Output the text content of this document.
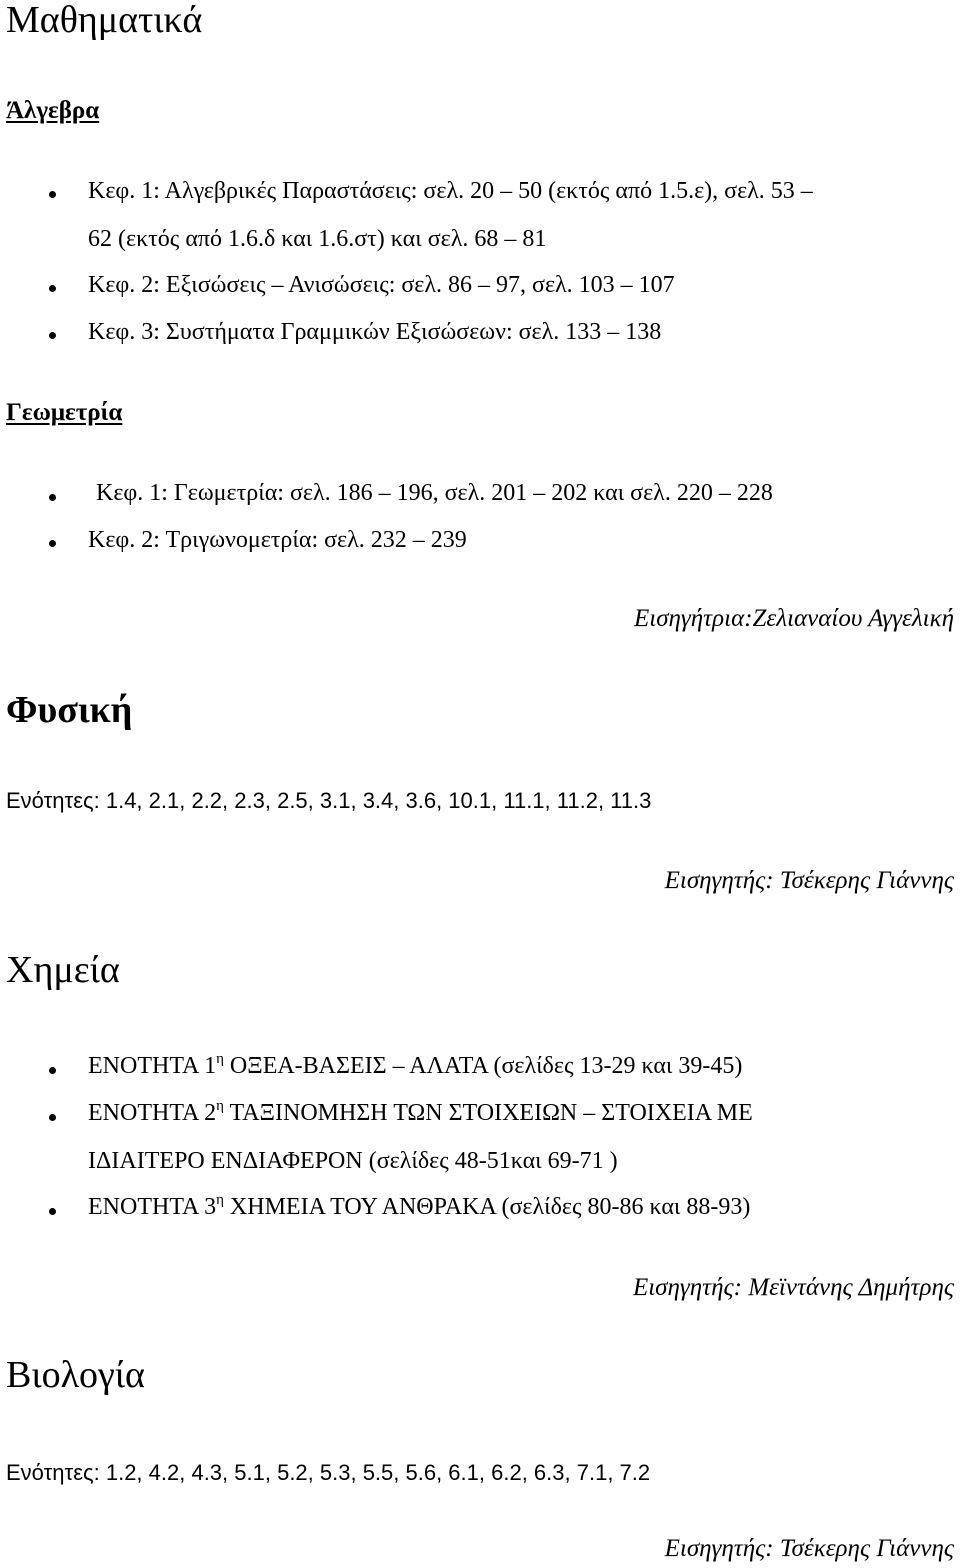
Μαθηματικά
Άλγεβρα
Κεφ. 1: Αλγεβρικές Παραστάσεις: σελ. 20 – 50 (εκτός από 1.5.ε), σελ. 53 –
62 (εκτός από 1.6.δ και 1.6.στ) και σελ. 68 – 81
Κεφ. 2: Εξισώσεις – Ανισώσεις: σελ. 86 – 97, σελ. 103 – 107
Κεφ. 3: Συστήματα Γραμμικών Εξισώσεων: σελ. 133 – 138
Γεωμετρία
Κεφ. 1: Γεωμετρία: σελ. 186 – 196, σελ. 201 – 202 και σελ. 220 – 228
Κεφ. 2: Τριγωνομετρία: σελ. 232 – 239
Εισηγήτρια:Ζελιαναίου Αγγελική
Φυσική
Ενότητες: 1.4, 2.1, 2.2, 2.3, 2.5, 3.1, 3.4, 3.6, 10.1, 11.1, 11.2, 11.3
Εισηγητής: Τσέκερης Γιάννης
Χημεία
ΕΝΟΤΗΤΑ $1^\eta$ ΟΞΕΑ-ΒΑΣΕΙΣ – ΑΛΑΤΑ (σελίδες 13-29 και 39-45)
ΕΝΟΤΗΤΑ $2^\eta$ ΤΑΞΙΝΟΜΗΣΗ ΤΩΝ ΣΤΟΙΧΕΙΩΝ – ΣΤΟΙΧΕΙΑ ΜΕ
ΙΔΙΑΙΤΕΡΟ ΕΝΔΙΑΦΕΡΟΝ (σελίδες 48-51και 69-71 )
ΕΝΟΤΗΤΑ $3^\eta$ ΧΗΜΕΙΑ ΤΟΥ ΑΝΘΡΑΚΑ (σελίδες 80-86 και 88-93)
Εισηγητής: Μεϊντάνης Δημήτρης
Βιολογία
Ενότητες: 1.2, 4.2, 4.3, 5.1, 5.2, 5.3, 5.5, 5.6, 6.1, 6.2, 6.3, 7.1, 7.2
Εισηγητής: Τσέκερης Γιάννης
